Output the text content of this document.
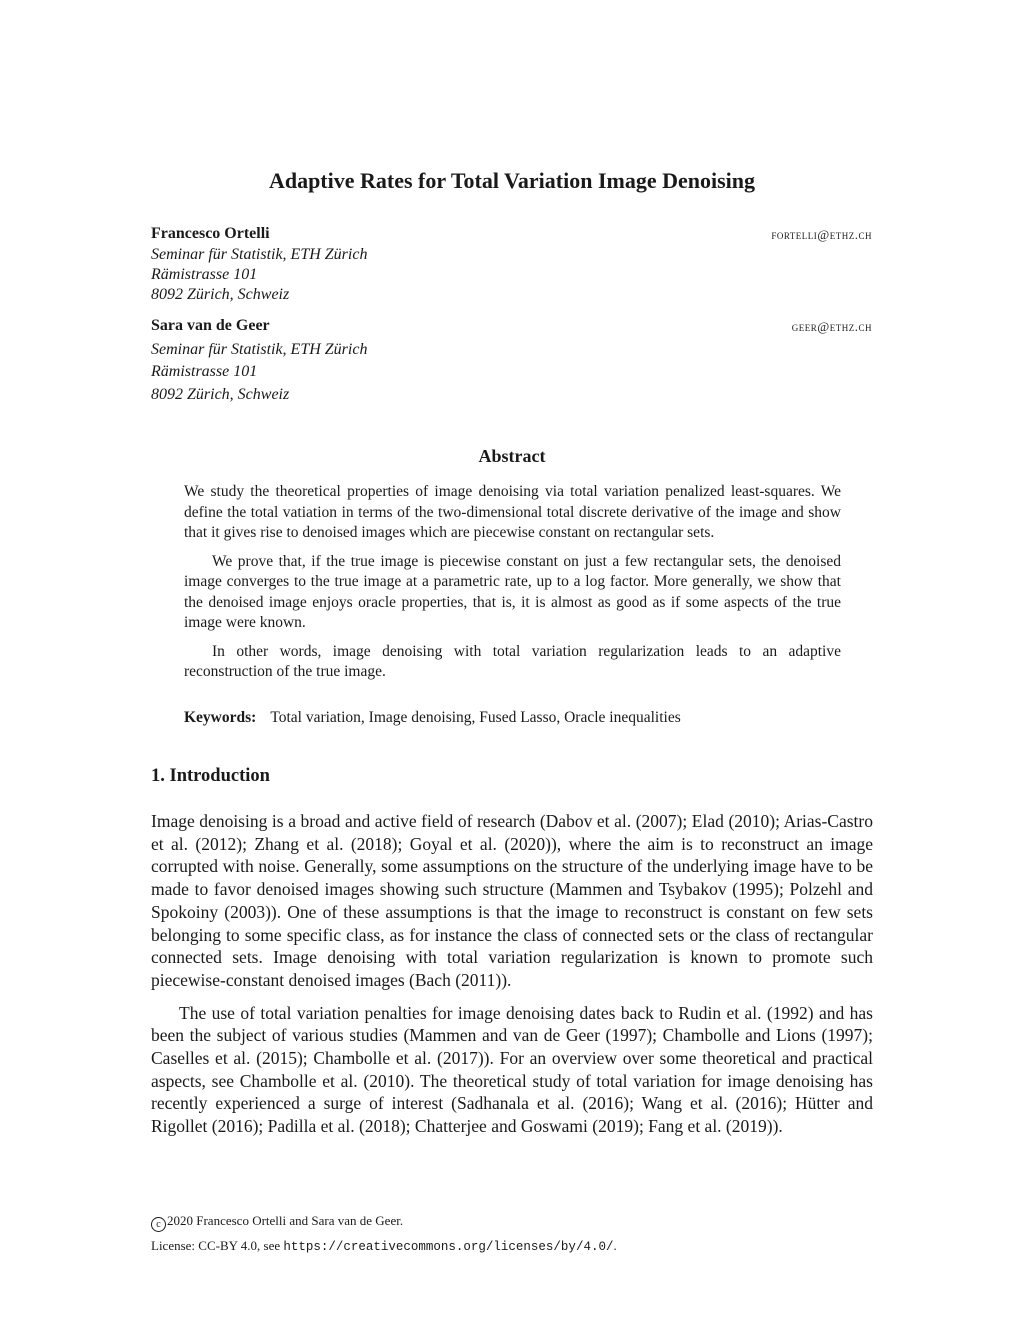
Adaptive Rates for Total Variation Image Denoising
Francesco Ortelli	fortelli@ethz.ch
Seminar für Statistik, ETH Zürich
Rämistrasse 101
8092 Zürich, Schweiz
Sara van de Geer	geer@ethz.ch
Seminar für Statistik, ETH Zürich
Rämistrasse 101
8092 Zürich, Schweiz
Abstract

We study the theoretical properties of image denoising via total variation penalized least-squares. We define the total vatiation in terms of the two-dimensional total discrete derivative of the image and show that it gives rise to denoised images which are piecewise constant on rectangular sets.

We prove that, if the true image is piecewise constant on just a few rectangular sets, the denoised image converges to the true image at a parametric rate, up to a log factor. More generally, we show that the denoised image enjoys oracle properties, that is, it is almost as good as if some aspects of the true image were known.

In other words, image denoising with total variation regularization leads to an adaptive reconstruction of the true image.

Keywords: Total variation, Image denoising, Fused Lasso, Oracle inequalities
1. Introduction

Image denoising is a broad and active field of research (Dabov et al. (2007); Elad (2010); Arias-Castro et al. (2012); Zhang et al. (2018); Goyal et al. (2020)), where the aim is to reconstruct an image corrupted with noise. Generally, some assumptions on the structure of the underlying image have to be made to favor denoised images showing such structure (Mammen and Tsybakov (1995); Polzehl and Spokoiny (2003)). One of these assumptions is that the image to reconstruct is constant on few sets belonging to some specific class, as for instance the class of connected sets or the class of rectangular connected sets. Image denoising with total variation regularization is known to promote such piecewise-constant denoised images (Bach (2011)).

The use of total variation penalties for image denoising dates back to Rudin et al. (1992) and has been the subject of various studies (Mammen and van de Geer (1997); Chambolle and Lions (1997); Caselles et al. (2015); Chambolle et al. (2017)). For an overview over some theoretical and practical aspects, see Chambolle et al. (2010). The theoretical study of total variation for image denoising has recently experienced a surge of interest (Sadhanala et al. (2016); Wang et al. (2016); Hütter and Rigollet (2016); Padilla et al. (2018); Chatterjee and Goswami (2019); Fang et al. (2019)).

c 2020 Francesco Ortelli and Sara van de Geer.
License: CC-BY 4.0, see https://creativecommons.org/licenses/by/4.0/.
